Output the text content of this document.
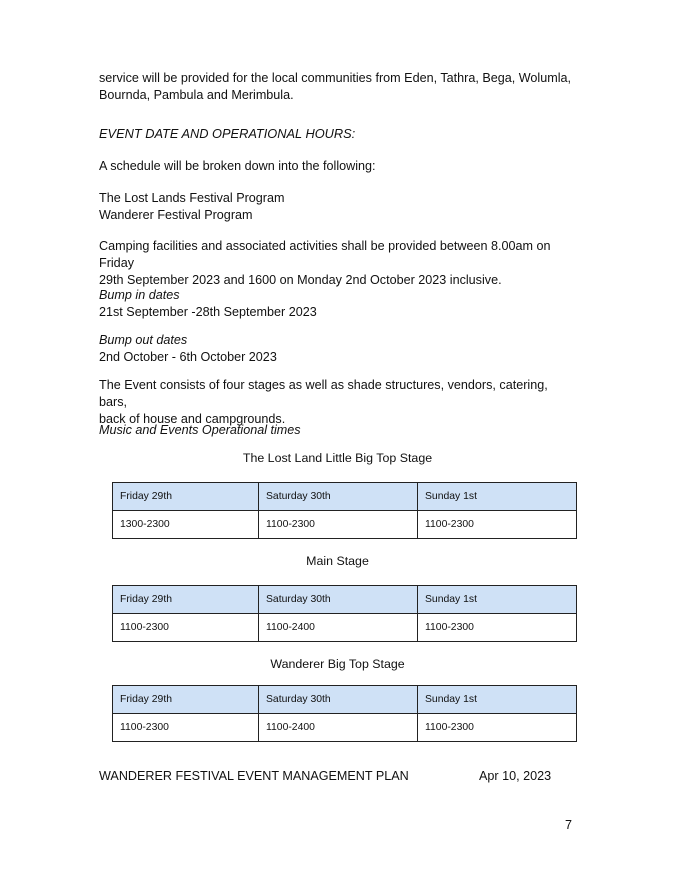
service will be provided for the local communities from Eden, Tathra, Bega, Wolumla,
Bournda, Pambula and Merimbula.

EVENT DATE AND OPERATIONAL HOURS:

A schedule will be broken down into the following:

The Lost Lands Festival Program
Wanderer Festival Program

Camping facilities and associated activities shall be provided between 8.00am on Friday
29th September 2023 and 1600 on Monday 2nd October 2023 inclusive.

Bump in dates
21st September -28th September 2023

Bump out dates
2nd October - 6th October 2023

The Event consists of four stages as well as shade structures, vendors, catering, bars,
back of house and campgrounds.

Music and Events Operational times

The Lost Land Little Big Top Stage

Friday 29th	Saturday 30th	Sunday 1st
1300-2300	1100-2300	1100-2300

Main Stage

Friday 29th	Saturday 30th	Sunday 1st
1100-2300	1100-2400	1100-2300

Wanderer Big Top Stage

Friday 29th	Saturday 30th	Sunday 1st
1100-2300	1100-2400	1100-2300
WANDERER FESTIVAL EVENT MANAGEMENT PLAN	Apr 10, 2023
7
